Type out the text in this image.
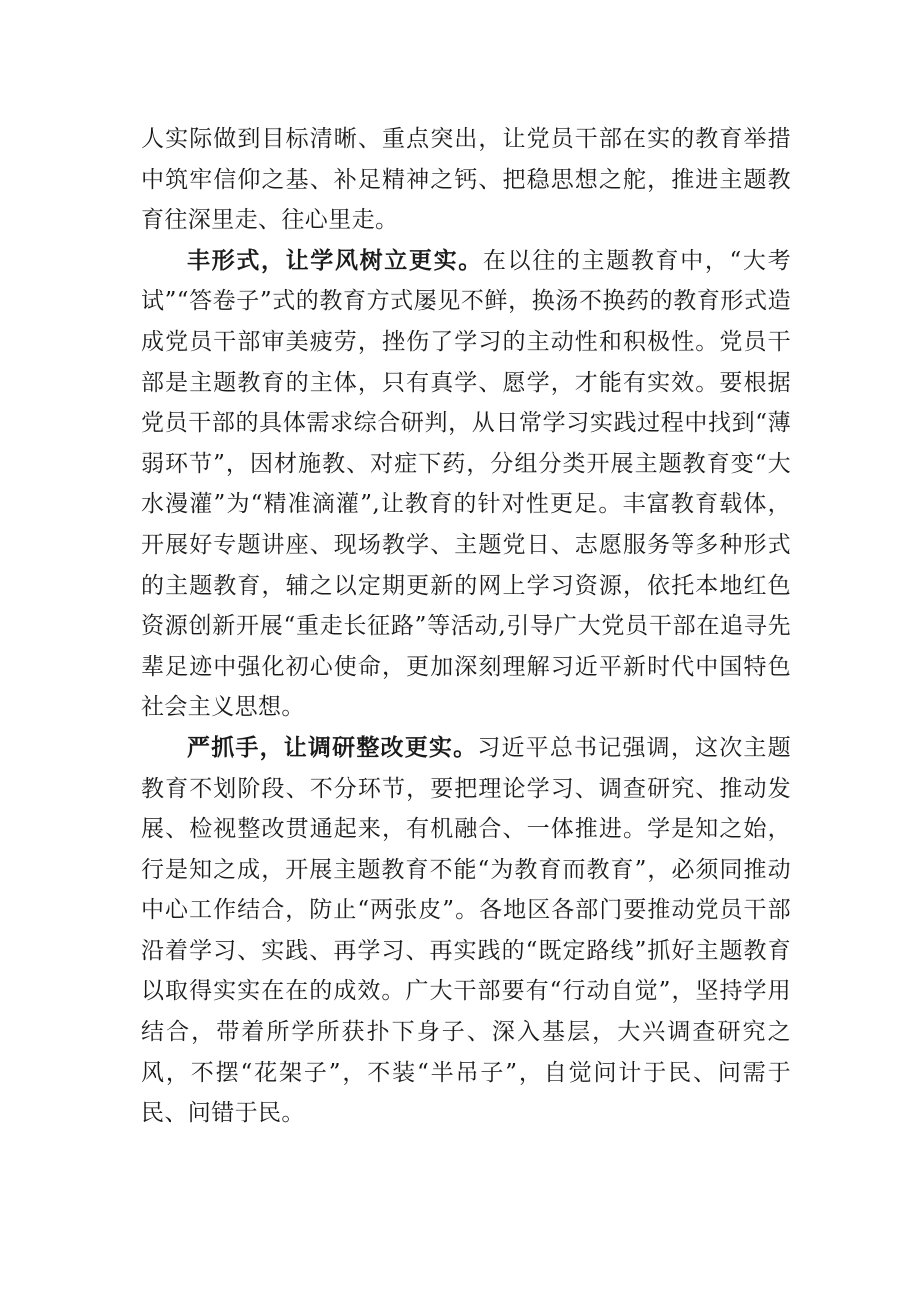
人实际做到目标清晰、重点突出，让党员干部在实的教育举措中筑牢信仰之基、补足精神之钙、把稳思想之舵，推进主题教育往深里走、往心里走。

丰形式，让学风树立更实。在以往的主题教育中，“大考试”“答卷子”式的教育方式屡见不鲜，换汤不换药的教育形式造成党员干部审美疲劳，挫伤了学习的主动性和积极性。党员干部是主题教育的主体，只有真学、愿学，才能有实效。要根据党员干部的具体需求综合研判，从日常学习实践过程中找到“薄弱环节”，因材施教、对症下药，分组分类开展主题教育变“大水漫灌”为“精准滴灌”,让教育的针对性更足。丰富教育载体，开展好专题讲座、现场教学、主题党日、志愿服务等多种形式的主题教育，辅之以定期更新的网上学习资源，依托本地红色资源创新开展“重走长征路”等活动,引导广大党员干部在追寻先辈足迹中强化初心使命，更加深刻理解习近平新时代中国特色社会主义思想。

严抓手，让调研整改更实。习近平总书记强调，这次主题教育不划阶段、不分环节，要把理论学习、调查研究、推动发展、检视整改贯通起来，有机融合、一体推进。学是知之始，行是知之成，开展主题教育不能“为教育而教育”，必须同推动中心工作结合，防止“两张皮”。各地区各部门要推动党员干部沿着学习、实践、再学习、再实践的“既定路线”抓好主题教育以取得实实在在的成效。广大干部要有“行动自觉”，坚持学用结合，带着所学所获扑下身子、深入基层，大兴调查研究之风，不摆“花架子”，不装“半吊子”，自觉问计于民、问需于民、问错于民。
